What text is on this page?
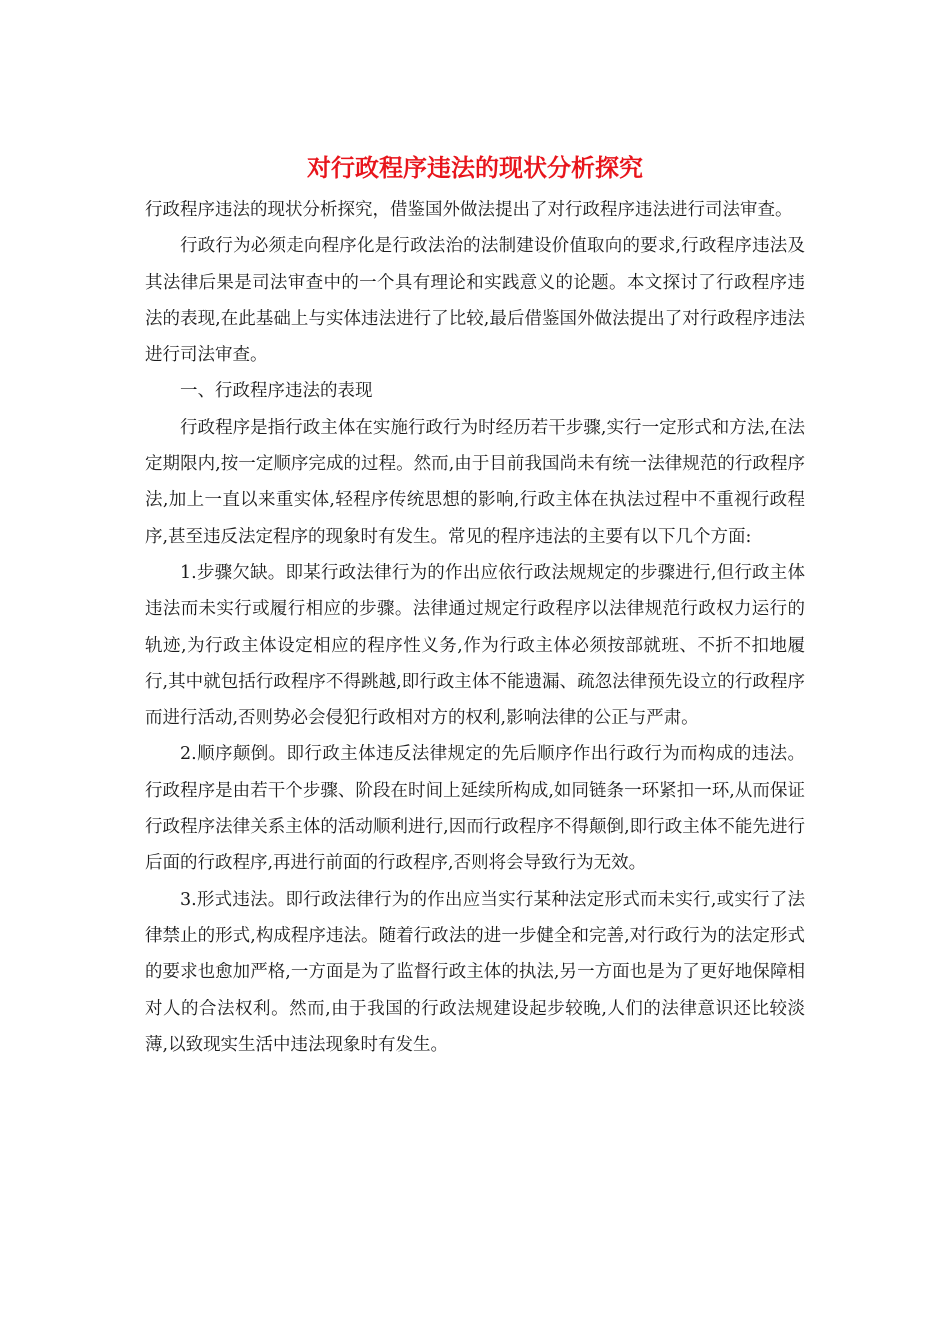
对行政程序违法的现状分析探究

行政程序违法的现状分析探究，借鉴国外做法提出了对行政程序违法进行司法审查。

行政行为必须走向程序化是行政法治的法制建设价值取向的要求,行政程序违法及其法律后果是司法审查中的一个具有理论和实践意义的论题。本文探讨了行政程序违法的表现,在此基础上与实体违法进行了比较,最后借鉴国外做法提出了对行政程序违法进行司法审查。

一、行政程序违法的表现

行政程序是指行政主体在实施行政行为时经历若干步骤,实行一定形式和方法,在法定期限内,按一定顺序完成的过程。然而,由于目前我国尚未有统一法律规范的行政程序法,加上一直以来重实体,轻程序传统思想的影响,行政主体在执法过程中不重视行政程序,甚至违反法定程序的现象时有发生。常见的程序违法的主要有以下几个方面:

1.步骤欠缺。即某行政法律行为的作出应依行政法规规定的步骤进行,但行政主体违法而未实行或履行相应的步骤。法律通过规定行政程序以法律规范行政权力运行的轨迹,为行政主体设定相应的程序性义务,作为行政主体必须按部就班、不折不扣地履行,其中就包括行政程序不得跳越,即行政主体不能遗漏、疏忽法律预先设立的行政程序而进行活动,否则势必会侵犯行政相对方的权利,影响法律的公正与严肃。

2.顺序颠倒。即行政主体违反法律规定的先后顺序作出行政行为而构成的违法。行政程序是由若干个步骤、阶段在时间上延续所构成,如同链条一环紧扣一环,从而保证行政程序法律关系主体的活动顺利进行,因而行政程序不得颠倒,即行政主体不能先进行后面的行政程序,再进行前面的行政程序,否则将会导致行为无效。

3.形式违法。即行政法律行为的作出应当实行某种法定形式而未实行,或实行了法律禁止的形式,构成程序违法。随着行政法的进一步健全和完善,对行政行为的法定形式的要求也愈加严格,一方面是为了监督行政主体的执法,另一方面也是为了更好地保障相对人的合法权利。然而,由于我国的行政法规建设起步较晚,人们的法律意识还比较淡薄,以致现实生活中违法现象时有发生。
